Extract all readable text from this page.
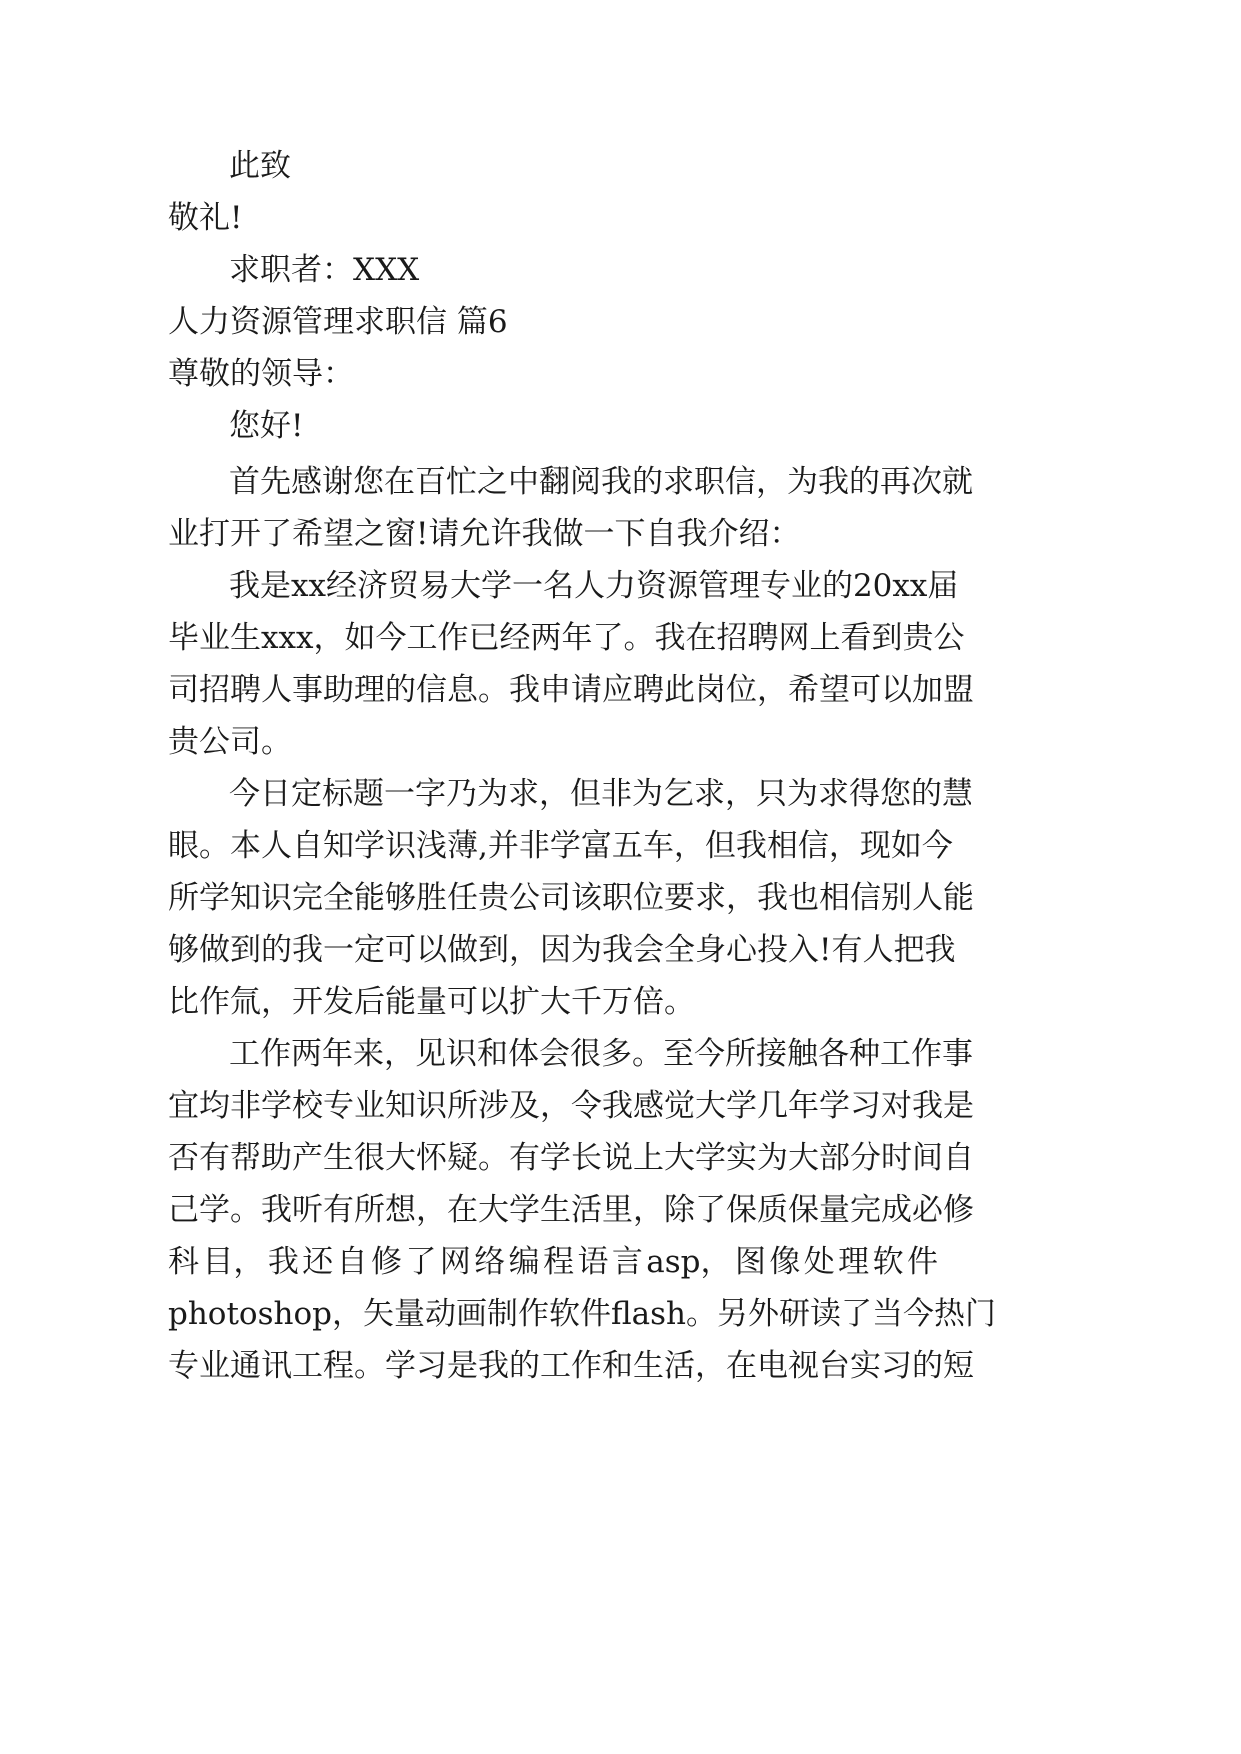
此致

敬礼!

求职者：XXX

人力资源管理求职信 篇6

尊敬的领导：

您好!

首先感谢您在百忙之中翻阅我的求职信，为我的再次就

业打开了希望之窗!请允许我做一下自我介绍：

我是xx经济贸易大学一名人力资源管理专业的20xx届

毕业生xxx，如今工作已经两年了。我在招聘网上看到贵公

司招聘人事助理的信息。我申请应聘此岗位，希望可以加盟

贵公司。

今日定标题一字乃为求，但非为乞求，只为求得您的慧

眼。本人自知学识浅薄,并非学富五车，但我相信，现如今

所学知识完全能够胜任贵公司该职位要求，我也相信别人能

够做到的我一定可以做到，因为我会全身心投入!有人把我

比作氚，开发后能量可以扩大千万倍。

工作两年来，见识和体会很多。至今所接触各种工作事

宜均非学校专业知识所涉及，令我感觉大学几年学习对我是

否有帮助产生很大怀疑。有学长说上大学实为大部分时间自

己学。我听有所想，在大学生活里，除了保质保量完成必修

科 目， 我 还 自 修 了 网 络 编 程 语 言 asp， 图 像 处 理 软 件

photoshop，矢量动画制作软件flash。另外研读了当今热门

专业通讯工程。学习是我的工作和生活，在电视台实习的短
